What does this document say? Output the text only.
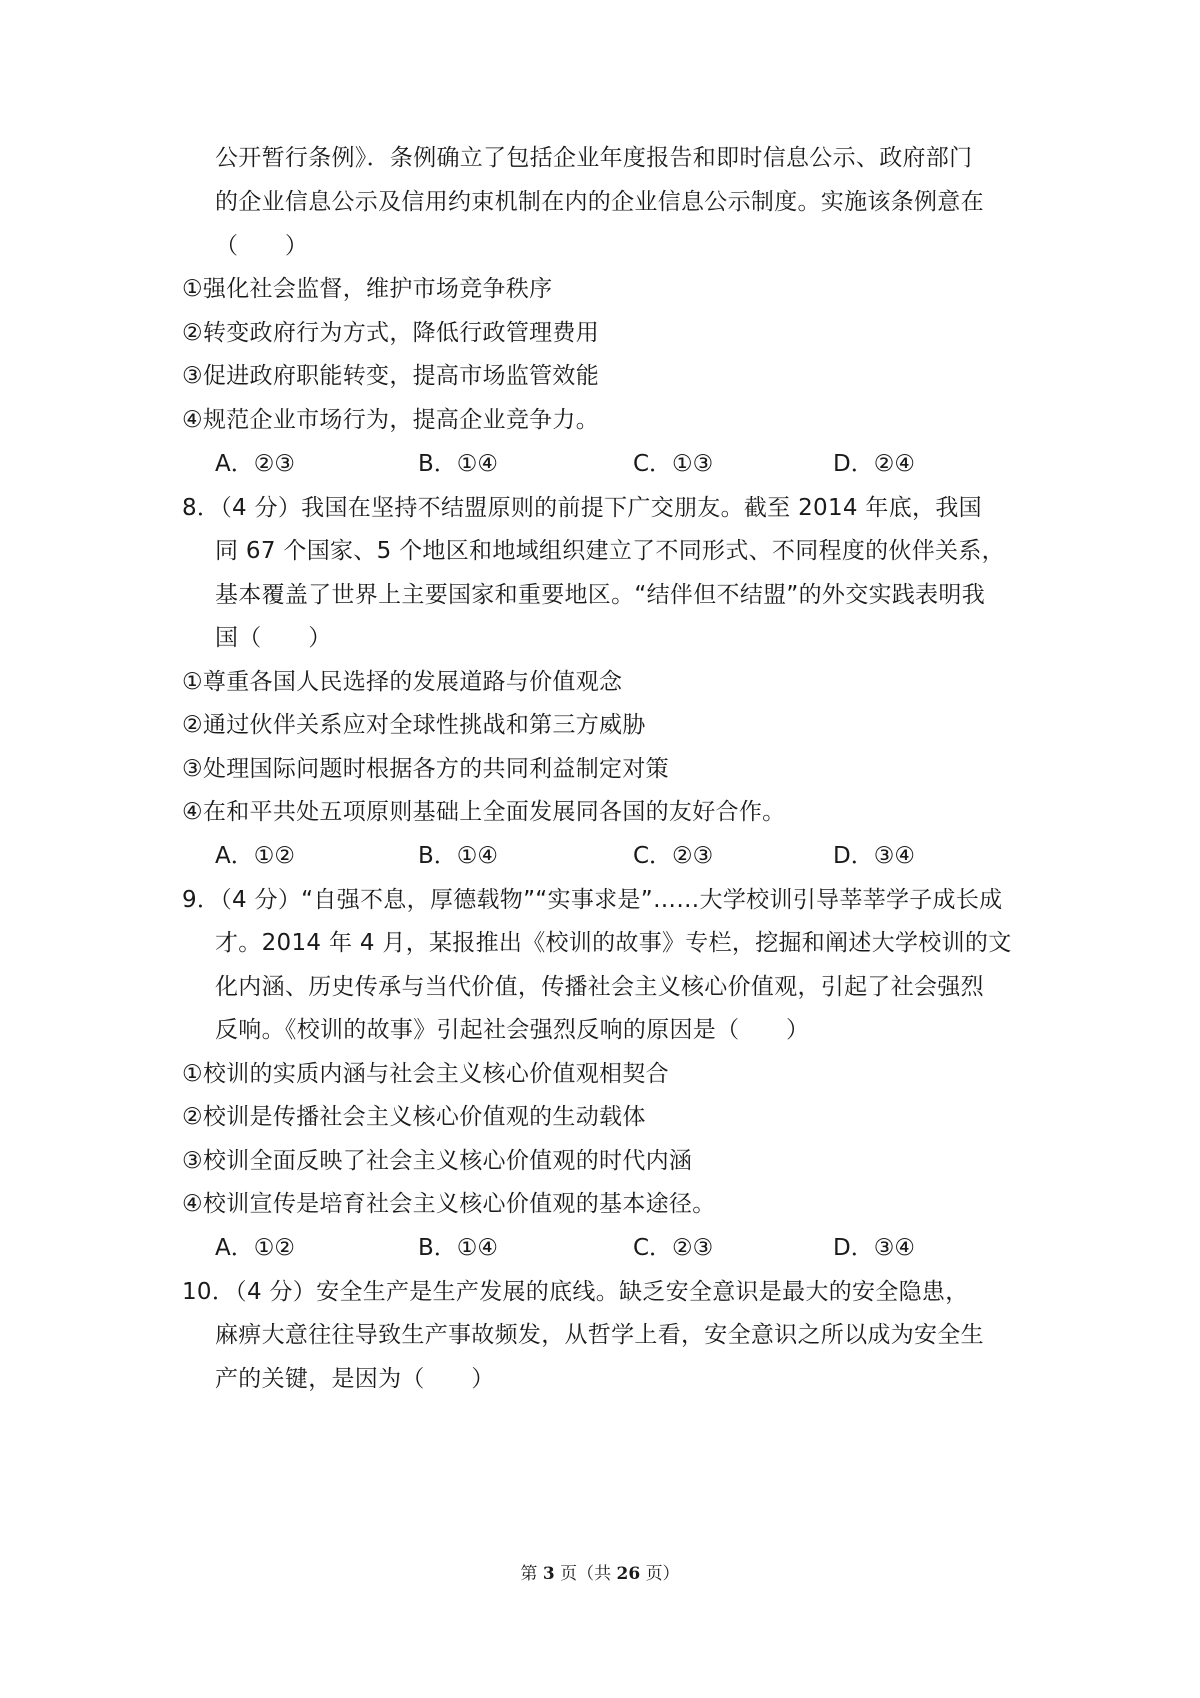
公开暂行条例》．条例确立了包括企业年度报告和即时信息公示、政府部门
的企业信息公示及信用约束机制在内的企业信息公示制度。实施该条例意在
（　　）
①强化社会监督，维护市场竞争秩序
②转变政府行为方式，降低行政管理费用
③促进政府职能转变，提高市场监管效能
④规范企业市场行为，提高企业竞争力。
A．②③	B．①④	C．①③	D．②④
8．（4 分）我国在坚持不结盟原则的前提下广交朋友。截至 2014 年底，我国
同 67 个国家、5 个地区和地域组织建立了不同形式、不同程度的伙伴关系，
基本覆盖了世界上主要国家和重要地区。“结伴但不结盟”的外交实践表明我
国（　　）
①尊重各国人民选择的发展道路与价值观念
②通过伙伴关系应对全球性挑战和第三方威胁
③处理国际问题时根据各方的共同利益制定对策
④在和平共处五项原则基础上全面发展同各国的友好合作。
A．①②	B．①④	C．②③	D．③④
9．（4 分）“自强不息，厚德载物”“实事求是”……大学校训引导莘莘学子成长成
才。2014 年 4 月，某报推出《校训的故事》专栏，挖掘和阐述大学校训的文
化内涵、历史传承与当代价值，传播社会主义核心价值观，引起了社会强烈
反响。《校训的故事》引起社会强烈反响的原因是（　　）
①校训的实质内涵与社会主义核心价值观相契合
②校训是传播社会主义核心价值观的生动载体
③校训全面反映了社会主义核心价值观的时代内涵
④校训宣传是培育社会主义核心价值观的基本途径。
A．①②	B．①④	C．②③	D．③④
10．（4 分）安全生产是生产发展的底线。缺乏安全意识是最大的安全隐患，
麻痹大意往往导致生产事故频发，从哲学上看，安全意识之所以成为安全生
产的关键，是因为（　　）
第 3 页（共 26 页）
